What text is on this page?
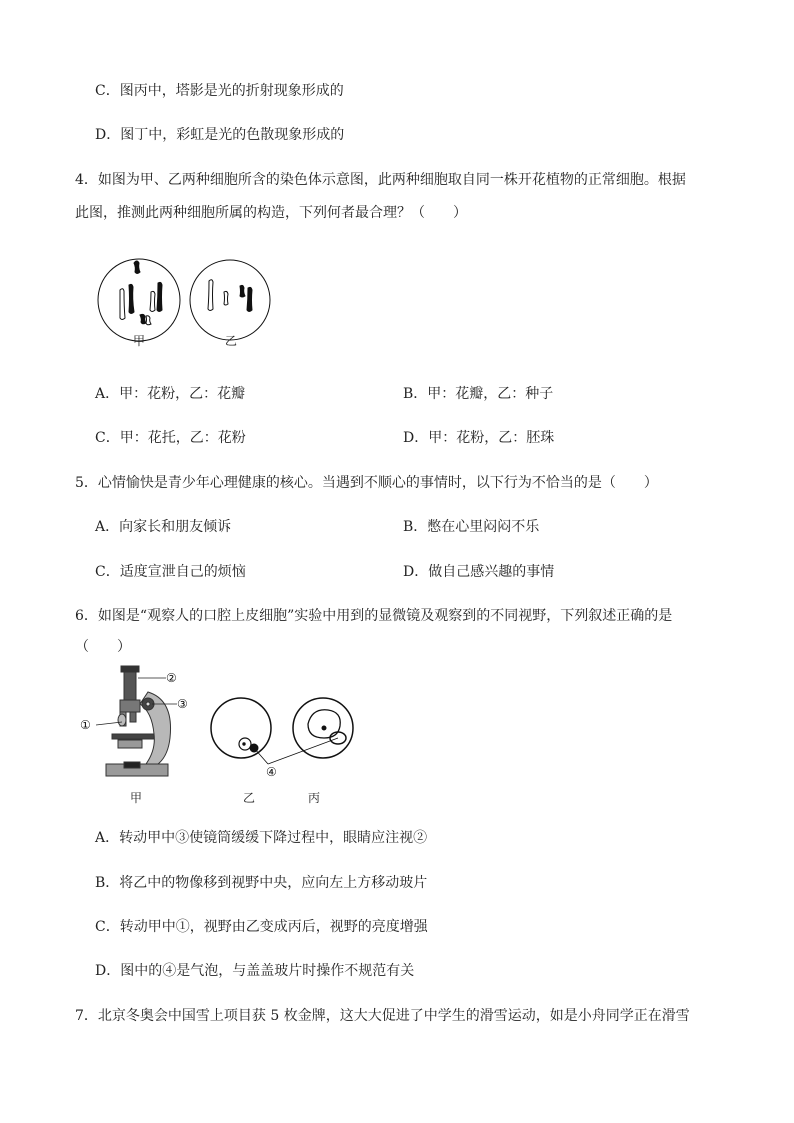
C．图丙中，塔影是光的折射现象形成的
D．图丁中，彩虹是光的色散现象形成的
4．如图为甲、乙两种细胞所含的染色体示意图，此两种细胞取自同一株开花植物的正常细胞。根据
此图，推测此两种细胞所属的构造，下列何者最合理？（　　）
甲	乙
A．甲：花粉，乙：花瓣	B．甲：花瓣，乙：种子
C．甲：花托，乙：花粉	D．甲：花粉，乙：胚珠
5．心情愉快是青少年心理健康的核心。当遇到不顺心的事情时，以下行为不恰当的是（　　）
A．向家长和朋友倾诉	B．憋在心里闷闷不乐
C．适度宣泄自己的烦恼	D．做自己感兴趣的事情
6．如图是“观察人的口腔上皮细胞”实验中用到的显微镜及观察到的不同视野，下列叙述正确的是
（　　）
②
③
①
④
甲	乙	丙
A．转动甲中③使镜筒缓缓下降过程中，眼睛应注视②
B．将乙中的物像移到视野中央，应向左上方移动玻片
C．转动甲中①，视野由乙变成丙后，视野的亮度增强
D．图中的④是气泡，与盖盖玻片时操作不规范有关
7．北京冬奥会中国雪上项目获 5 枚金牌，这大大促进了中学生的滑雪运动，如是小舟同学正在滑雪
